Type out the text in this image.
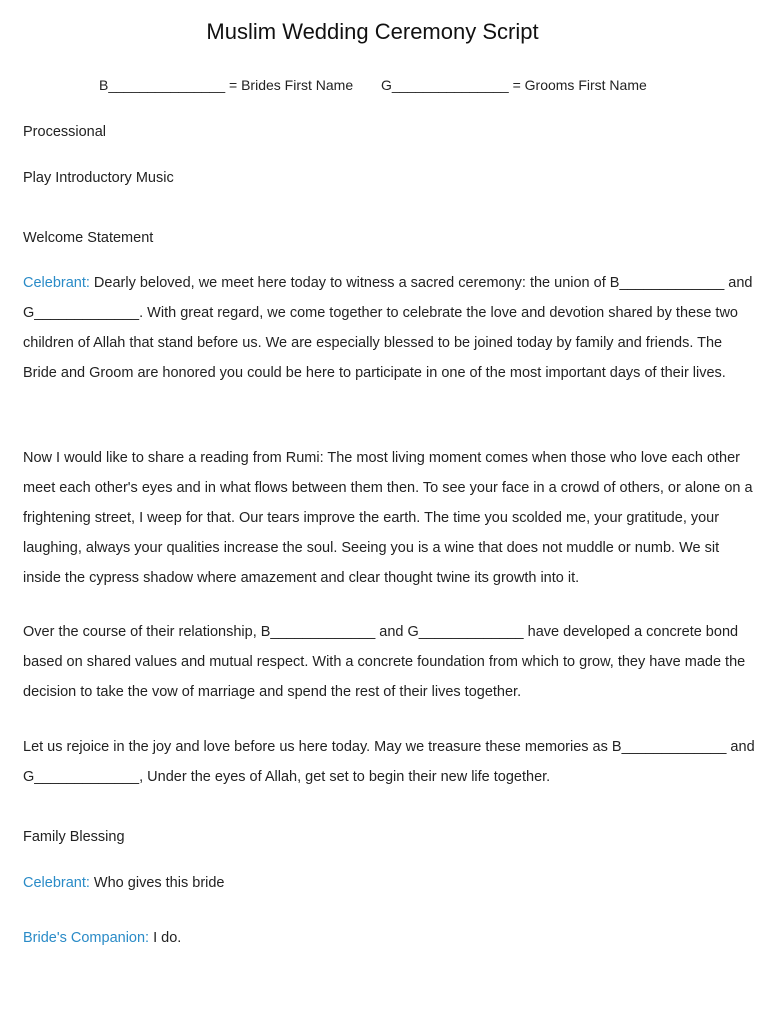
Muslim Wedding Ceremony Script
B_______________ = Brides First Name G_______________ = Grooms First Name
Processional
Play Introductory Music
Welcome Statement
Celebrant: Dearly beloved, we meet here today to witness a sacred ceremony: the union of B_____________ and G_____________. With great regard, we come together to celebrate the love and devotion shared by these two children of Allah that stand before us. We are especially blessed to be joined today by family and friends. The Bride and Groom are honored you could be here to participate in one of the most important days of their lives.
Now I would like to share a reading from Rumi: The most living moment comes when those who love each other meet each other's eyes and in what flows between them then. To see your face in a crowd of others, or alone on a frightening street, I weep for that. Our tears improve the earth. The time you scolded me, your gratitude, your laughing, always your qualities increase the soul. Seeing you is a wine that does not muddle or numb. We sit inside the cypress shadow where amazement and clear thought twine its growth into it.
Over the course of their relationship, B_____________ and G_____________ have developed a concrete bond based on shared values and mutual respect. With a concrete foundation from which to grow, they have made the decision to take the vow of marriage and spend the rest of their lives together.
Let us rejoice in the joy and love before us here today. May we treasure these memories as B_____________ and G_____________, Under the eyes of Allah, get set to begin their new life together.
Family Blessing
Celebrant: Who gives this bride
Bride's Companion: I do.
